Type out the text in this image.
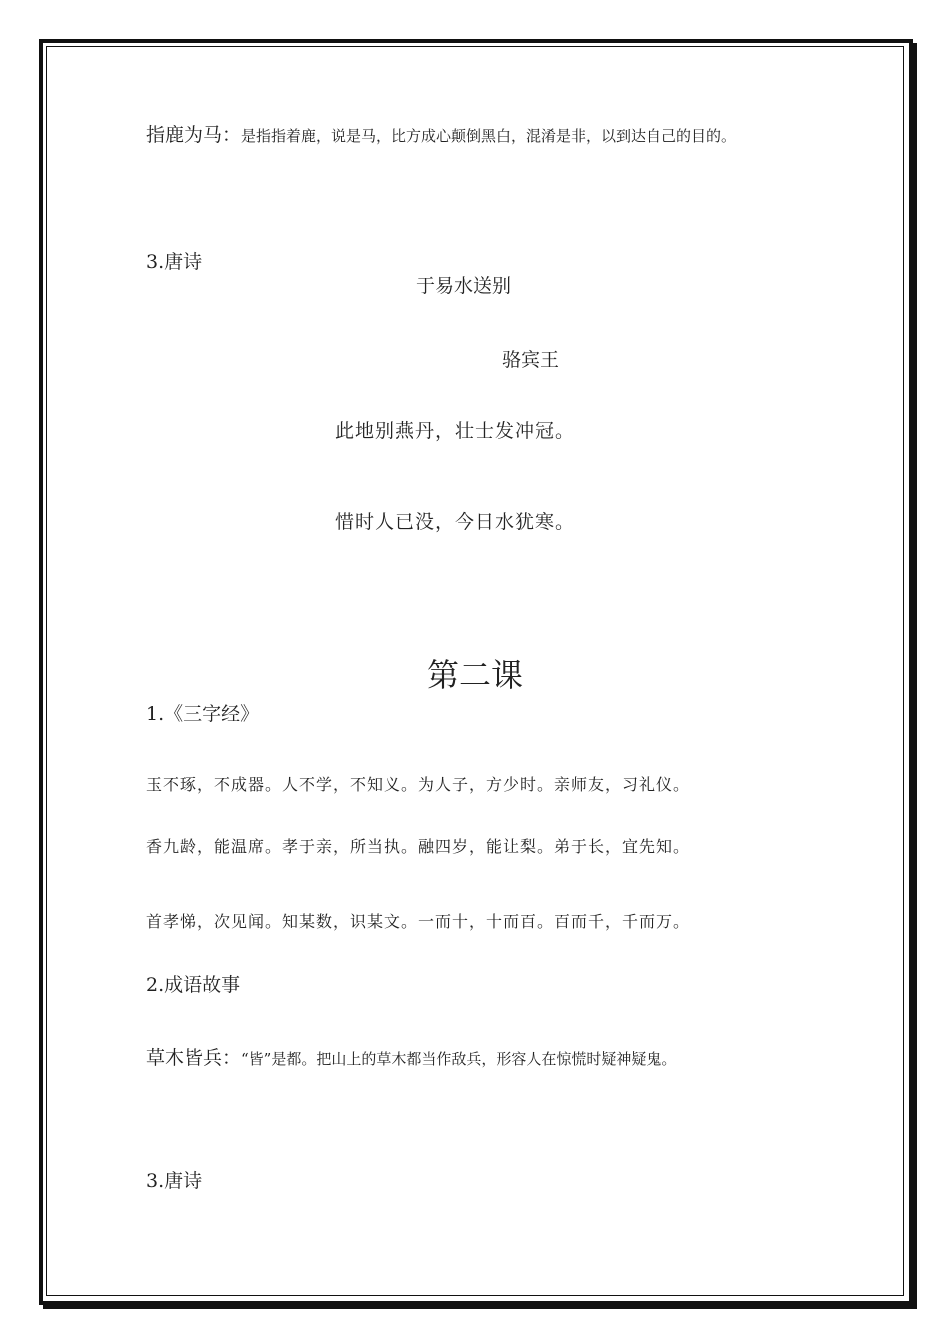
指鹿为马：是指指着鹿，说是马，比方成心颠倒黑白，混淆是非，以到达自己的目的。
3.唐诗
于易水送别
骆宾王
此地别燕丹，壮士发冲冠。
惜时人已没，今日水犹寒。
第二课
1.《三字经》
玉不琢，不成器。人不学，不知义。为人子，方少时。亲师友，习礼仪。
香九龄，能温席。孝于亲，所当执。融四岁，能让梨。弟于长，宜先知。
首孝悌，次见闻。知某数，识某文。一而十，十而百。百而千，千而万。
2.成语故事
草木皆兵：“皆”是都。把山上的草木都当作敌兵，形容人在惊慌时疑神疑鬼。
3.唐诗
